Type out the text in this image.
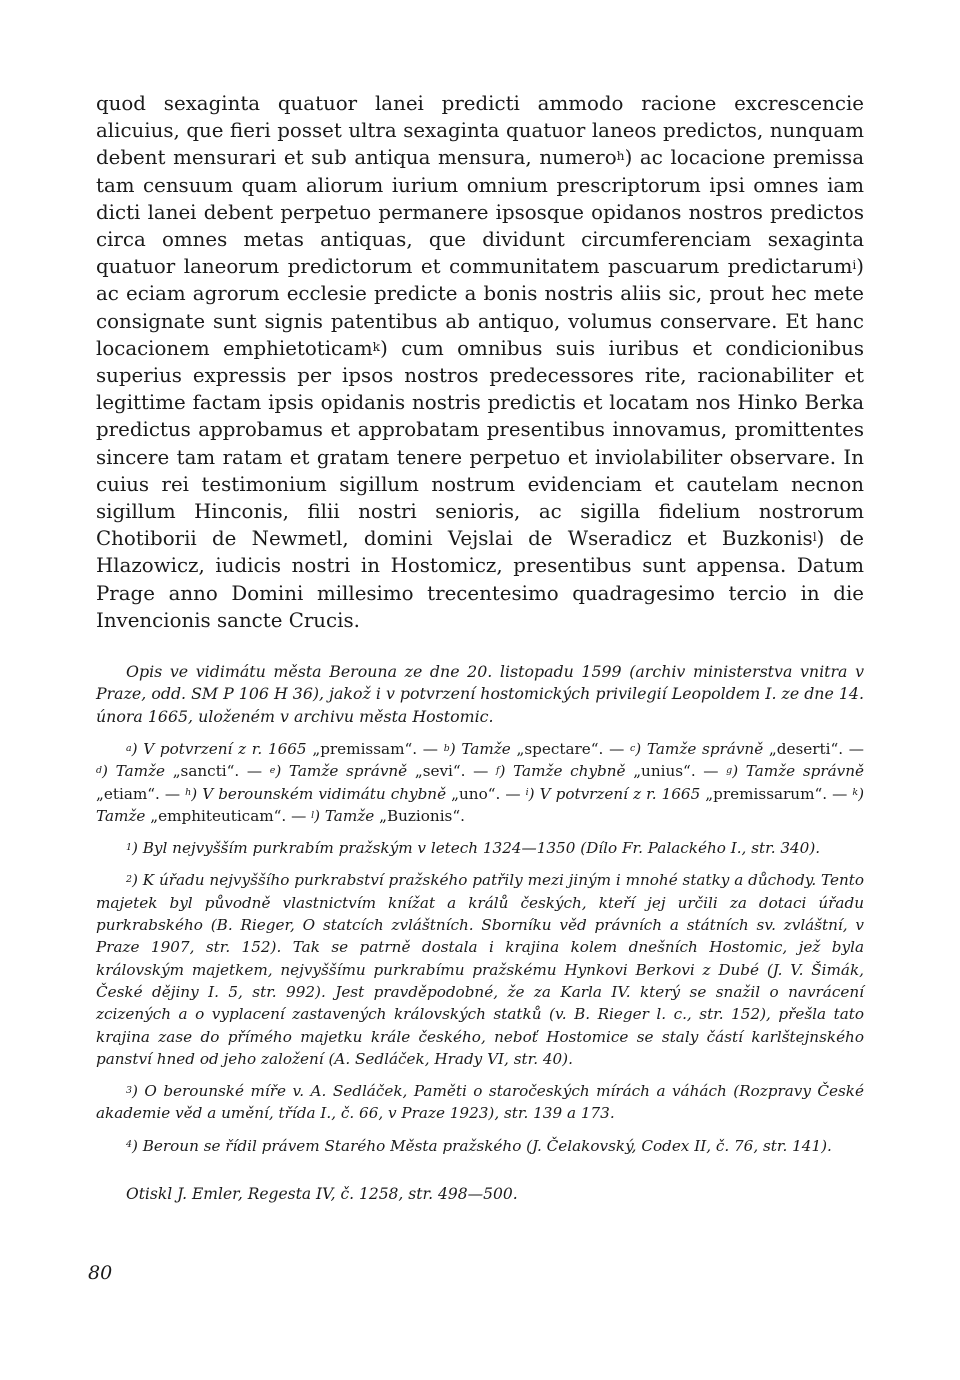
quod sexaginta quatuor lanei predicti ammodo racione excrescencie alicuius, que fieri posset ultra sexaginta quatuor laneos predictos, nunquam debent mensurari et sub antiqua mensura, numero$^h$) ac locacione premissa tam censuum quam aliorum iurium omnium prescriptorum ipsi omnes iam dicti lanei debent perpetuo permanere ipsosque opidanos nostros predictos circa omnes metas antiquas, que dividunt circumferenciam sexaginta quatuor laneorum predictorum et communitatem pascuarum predictarum$^i$) ac eciam agrorum ecclesie predicte a bonis nostris aliis sic, prout hec mete consignate sunt signis patentibus ab antiquo, volumus conservare. Et hanc locacionem emphietoticam$^k$) cum omnibus suis iuribus et condicionibus superius expressis per ipsos nostros predecessores rite, racionabiliter et legittime factam ipsis opidanis nostris predictis et locatam nos Hinko Berka predictus approbamus et approbatam presentibus innovamus, promittentes sincere tam ratam et gratam tenere perpetuo et inviolabiliter observare. In cuius rei testimonium sigillum nostrum evidenciam et cautelam necnon sigillum Hinconis, filii nostri senioris, ac sigilla fidelium nostrorum Chotiborii de Newmetl, domini Vejslai de Wseradicz et Buzkonis$^l$) de Hlazowicz, iudicis nostri in Hostomicz, presentibus sunt appensa. Datum Prage anno Domini millesimo trecentesimo quadragesimo tercio in die Invencionis sancte Crucis.

Opis ve vidimátu města Berouna ze dne 20. listopadu 1599 (archiv ministerstva vnitra v Praze, odd. SM P 106 H 36), jakož i v potvrzení hostomických privilegií Leopoldem I. ze dne 14. února 1665, uloženém v archivu města Hostomic.

$^a$) V potvrzení z r. 1665 „premissam“. — $^b$) Tamže „spectare“. — $^c$) Tamže správně „deserti“. — $^d$) Tamže „sancti“. — $^e$) Tamže správně „sevi“. — $^f$) Tamže chybně „unius“. — $^g$) Tamže správně „etiam“. — $^h$) V berounském vidimátu chybně „uno“. — $^i$) V potvrzení z r. 1665 „premissarum“. — $^k$) Tamže „emphiteuticam“. — $^l$) Tamže „Buzionis“.

$^1$) Byl nejvyšším purkrabím pražským v letech 1324—1350 (Dílo Fr. Palackého I., str. 340).

$^2$) K úřadu nejvyššího purkrabství pražského patřily mezi jiným i mnohé statky a důchody. Tento majetek byl původně vlastnictvím knížat a králů českých, kteří jej určili za dotaci úřadu purkrabského (B. Rieger, O statcích zvláštních. Sborníku věd právních a státních sv. zvláštní, v Praze 1907, str. 152). Tak se patrně dostala i krajina kolem dnešních Hostomic, jež byla královským majetkem, nejvyššímu purkrabímu pražskému Hynkovi Berkovi z Dubé (J. V. Šimák, České dějiny I. 5, str. 992). Jest pravděpodobné, že za Karla IV. který se snažil o navrácení zcizených a o vyplacení zastavených královských statků (v. B. Rieger l. c., str. 152), přešla tato krajina zase do přímého majetku krále českého, neboť Hostomice se staly částí karlštejnského panství hned od jeho založení (A. Sedláček, Hrady VI, str. 40).

$^3$) O berounské míře v. A. Sedláček, Paměti o staročeských mírách a váhách (Rozpravy České akademie věd a umění, třída I., č. 66, v Praze 1923), str. 139 a 173.

$^4$) Beroun se řídil právem Starého Města pražského (J. Čelakovský, Codex II, č. 76, str. 141).

Otiskl J. Emler, Regesta IV, č. 1258, str. 498—500.

80
